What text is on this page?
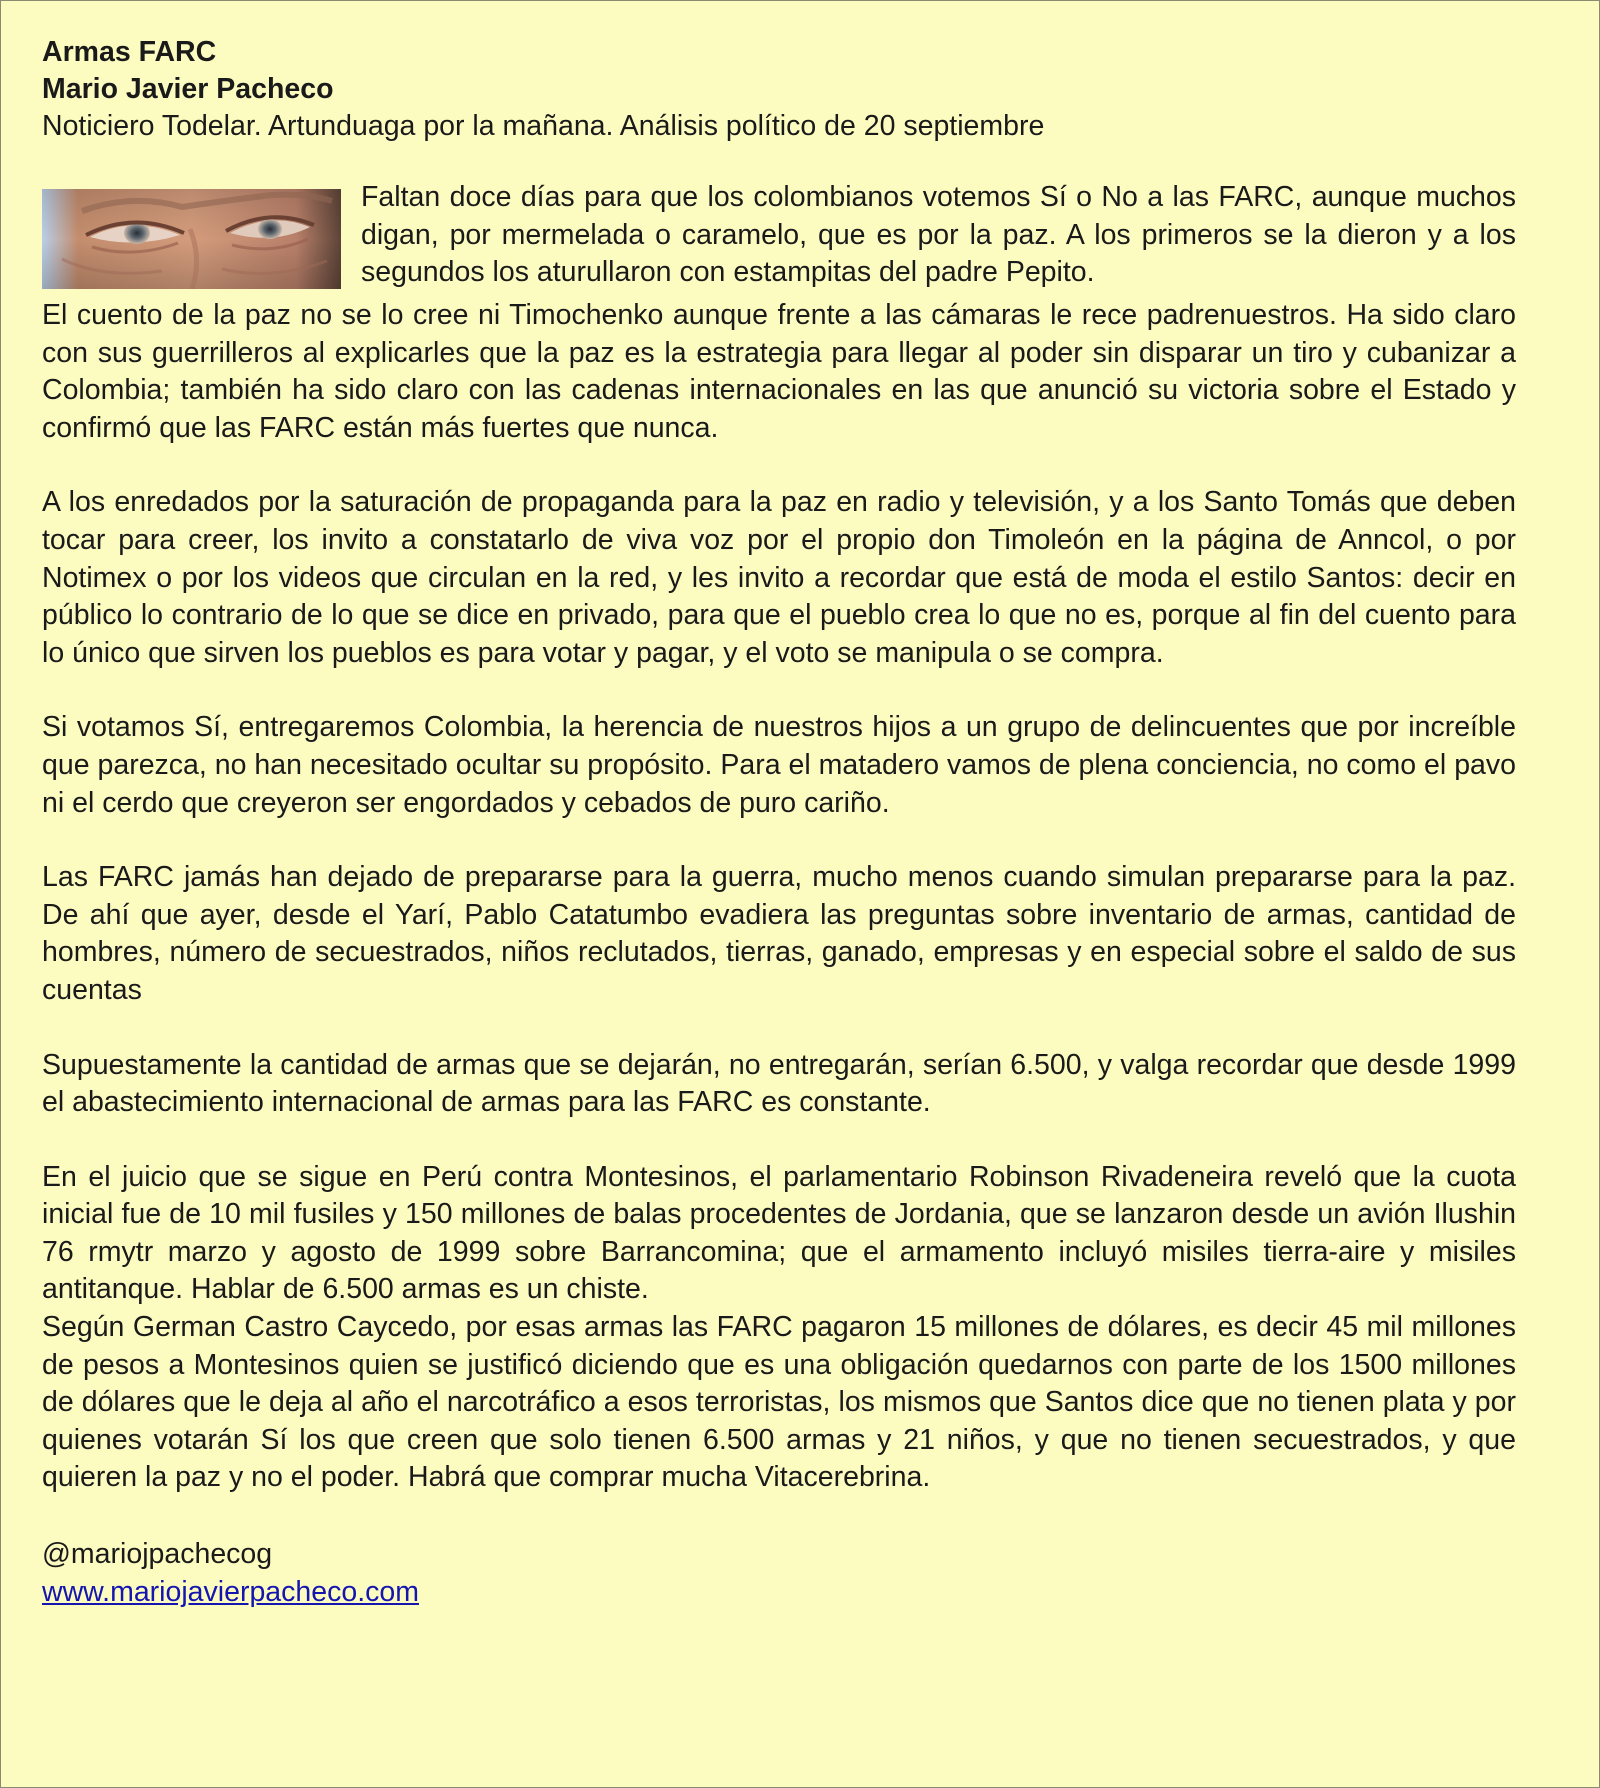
Armas FARC
Mario Javier Pacheco
Noticiero Todelar. Artunduaga por la mañana. Análisis político de 20 septiembre
Faltan doce días para que los colombianos votemos Sí o No a las FARC, aunque muchos digan, por mermelada o caramelo, que es por la paz. A los primeros se la dieron y a los segundos los aturullaron con estampitas del padre Pepito.
El cuento de la paz no se lo cree ni Timochenko aunque frente a las cámaras le rece padrenuestros. Ha sido claro con sus guerrilleros al explicarles que la paz es la estrategia para llegar al poder sin disparar un tiro y cubanizar a Colombia; también ha sido claro con las cadenas internacionales en las que anunció su victoria sobre el Estado y confirmó que las FARC están más fuertes que nunca.
A los enredados por la saturación de propaganda para la paz en radio y televisión, y a los Santo Tomás que deben tocar para creer, los invito a constatarlo de viva voz por el propio don Timoleón en la página de Anncol, o por Notimex o por los videos que circulan en la red, y les invito a recordar que está de moda el estilo Santos: decir en público lo contrario de lo que se dice en privado, para que el pueblo crea lo que no es, porque al fin del cuento para lo único que sirven los pueblos es para votar y pagar, y el voto se manipula o se compra.
Si votamos Sí, entregaremos Colombia, la herencia de nuestros hijos a un grupo de delincuentes que por increíble que parezca, no han necesitado ocultar su propósito. Para el matadero vamos de plena conciencia, no como el pavo ni el cerdo que creyeron ser engordados y cebados de puro cariño.
Las FARC jamás han dejado de prepararse para la guerra, mucho menos cuando simulan prepararse para la paz. De ahí que ayer, desde el Yarí, Pablo Catatumbo evadiera las preguntas sobre inventario de armas, cantidad de hombres, número de secuestrados, niños reclutados, tierras, ganado, empresas y en especial sobre el saldo de sus cuentas
Supuestamente la cantidad de armas que se dejarán, no entregarán, serían 6.500, y valga recordar que desde 1999 el abastecimiento internacional de armas para las FARC es constante.
En el juicio que se sigue en Perú contra Montesinos, el parlamentario Robinson Rivadeneira reveló que la cuota inicial fue de 10 mil fusiles y 150 millones de balas procedentes de Jordania, que se lanzaron desde un avión Ilushin 76 rmytr marzo y agosto de 1999 sobre Barrancomina; que el armamento incluyó misiles tierra-aire y misiles antitanque. Hablar de 6.500 armas es un chiste.
Según German Castro Caycedo, por esas armas las FARC pagaron 15 millones de dólares, es decir 45 mil millones de pesos a Montesinos quien se justificó diciendo que es una obligación quedarnos con parte de los 1500 millones de dólares que le deja al año el narcotráfico a esos terroristas, los mismos que Santos dice que no tienen plata y por quienes votarán Sí los que creen que solo tienen 6.500 armas y 21 niños, y que no tienen secuestrados, y que quieren la paz y no el poder. Habrá que comprar mucha Vitacerebrina.
@mariojpachecog
www.mariojavierpacheco.com
